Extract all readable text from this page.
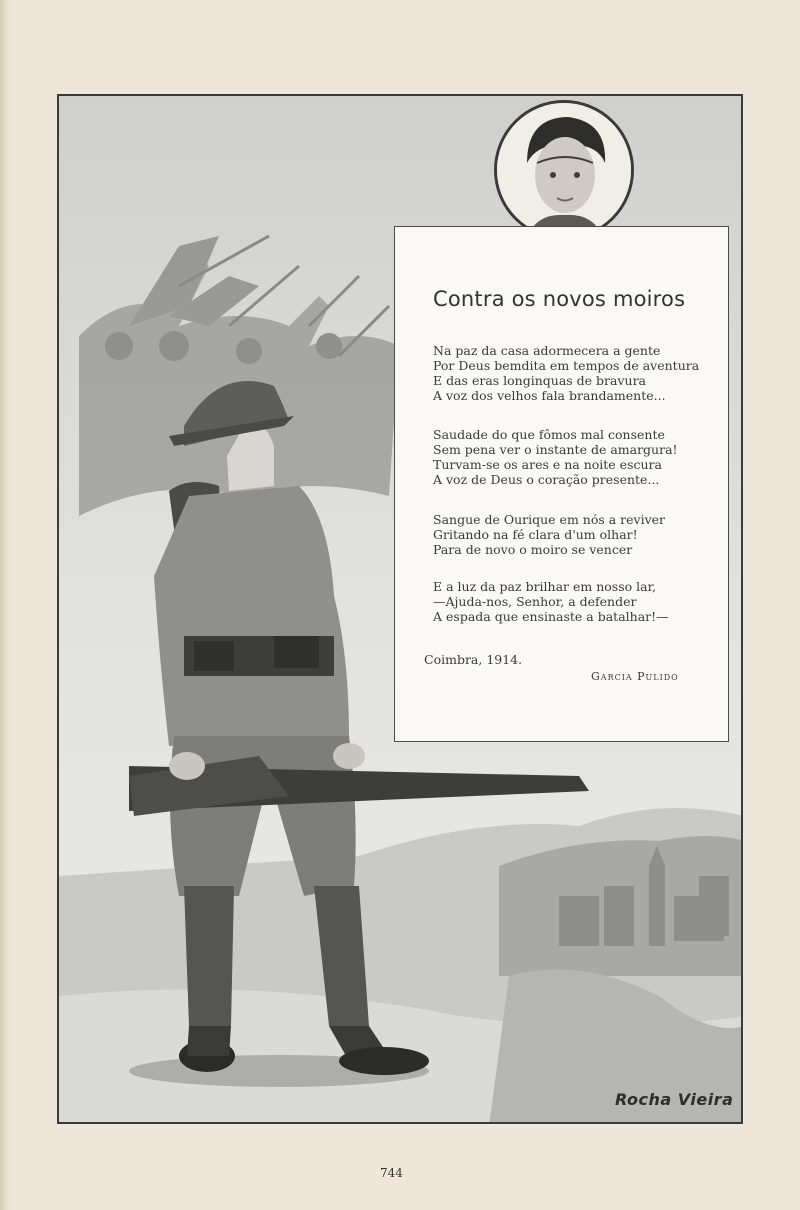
Contra os novos moiros
Na paz da casa adormecera a gente
Por Deus bemdita em tempos de aventura
E das eras longinquas de bravura
A voz dos velhos fala brandamente...
Saudade do que fômos mal consente
Sem pena ver o instante de amargura!
Turvam-se os ares e na noite escura
A voz de Deus o coração presente...
Sangue de Ourique em nós a reviver
Gritando na fé clara d'um olhar!
Para de novo o moiro se vencer
E a luz da paz brilhar em nosso lar,
—Ajuda-nos, Senhor, a defender
A espada que ensinaste a batalhar!—
Coimbra, 1914.
Garcia Pulido
Rocha Vieira
744
